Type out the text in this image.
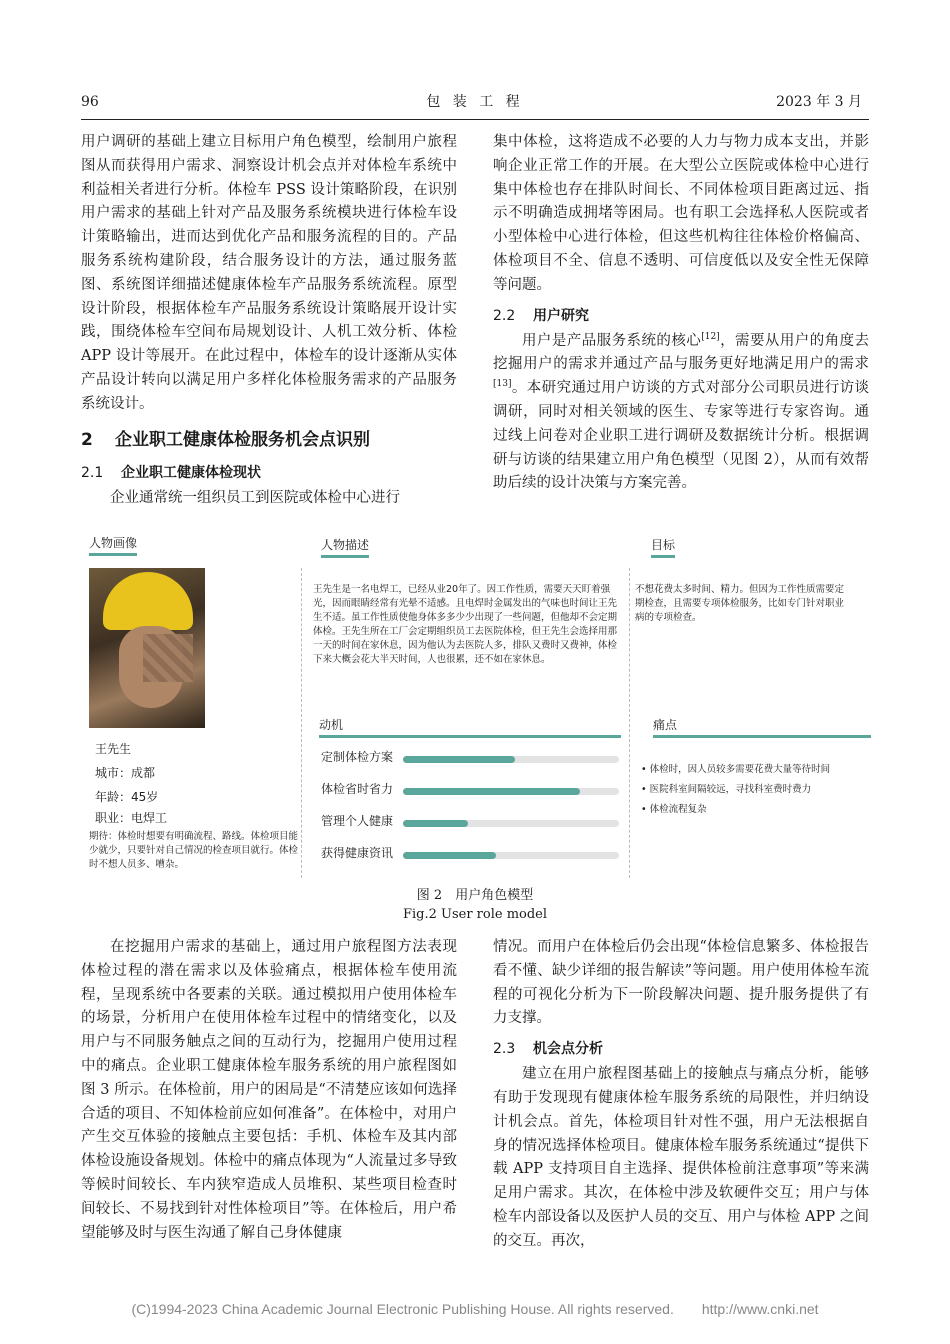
96	包 装 工 程	2023 年 3 月

用户调研的基础上建立目标用户角色模型，绘制用户旅程图从而获得用户需求、洞察设计机会点并对体检车系统中利益相关者进行分析。体检车 PSS 设计策略阶段，在识别用户需求的基础上针对产品及服务系统模块进行体检车设计策略输出，进而达到优化产品和服务流程的目的。产品服务系统构建阶段，结合服务设计的方法，通过服务蓝图、系统图详细描述健康体检车产品服务系统流程。原型设计阶段，根据体检车产品服务系统设计策略展开设计实践，围绕体检车空间布局规划设计、人机工效分析、体检 APP 设计等展开。在此过程中，体检车的设计逐渐从实体产品设计转向以满足用户多样化体检服务需求的产品服务系统设计。

2 企业职工健康体检服务机会点识别
2.1 企业职工健康体检现状

企业通常统一组织员工到医院或体检中心进行

集中体检，这将造成不必要的人力与物力成本支出，并影响企业正常工作的开展。在大型公立医院或体检中心进行集中体检也存在排队时间长、不同体检项目距离过远、指示不明确造成拥堵等困局。也有职工会选择私人医院或者小型体检中心进行体检，但这些机构往往体检价格偏高、体检项目不全、信息不透明、可信度低以及安全性无保障等问题。

2.2 用户研究

用户是产品服务系统的核心[12]，需要从用户的角度去挖掘用户的需求并通过产品与服务更好地满足用户的需求[13]。本研究通过用户访谈的方式对部分公司职员进行访谈调研，同时对相关领域的医生、专家等进行专家咨询。通过线上问卷对企业职工进行调研及数据统计分析。根据调研与访谈的结果建立用户角色模型（见图 2），从而有效帮助后续的设计决策与方案完善。

人物画像	人物描述	目标
王先生
城市：成都
年龄：45岁
职业：电焊工
期待：体检时想要有明确流程、路线。体检项目能少就少，只要针对自己情况的检查项目就行。体检时不想人员多、嘈杂。
王先生是一名电焊工，已经从业20年了。因工作性质，需要天天盯着强光，因而眼睛经常有光晕不适感。且电焊时金属发出的气味也时间让王先生不适。虽工作性质使他身体多多少少出现了一些问题，但他却不会定期体检。王先生所在工厂会定期组织员工去医院体检，但王先生会选择用那一天的时间在家休息，因为他认为去医院人多，排队又费时又费神，体检下来大概会花大半天时间，人也很累，还不如在家休息。
不想花费太多时间、精力。但因为工作性质需要定期检查，且需要专项体检服务，比如专门针对职业病的专项检查。
动机	痛点
定制体检方案
体检省时省力
管理个人健康
获得健康资讯
• 体检时，因人员较多需要花费大量等待时间
• 医院科室间隔较远，寻找科室费时费力
• 体检流程复杂
图 2　用户角色模型
Fig.2 User role model

在挖掘用户需求的基础上，通过用户旅程图方法表现体检过程的潜在需求以及体验痛点，根据体检车使用流程，呈现系统中各要素的关联。通过模拟用户使用体检车的场景，分析用户在使用体检车过程中的情绪变化，以及用户与不同服务触点之间的互动行为，挖掘用户使用过程中的痛点。企业职工健康体检车服务系统的用户旅程图如图 3 所示。在体检前，用户的困局是“不清楚应该如何选择合适的项目、不知体检前应如何准备”。在体检中，对用户产生交互体验的接触点主要包括：手机、体检车及其内部体检设施设备规划。体检中的痛点体现为“人流量过多导致等候时间较长、车内狭窄造成人员堆积、某些项目检查时间较长、不易找到针对性体检项目”等。在体检后，用户希望能够及时与医生沟通了解自己身体健康

情况。而用户在体检后仍会出现“体检信息繁多、体检报告看不懂、缺少详细的报告解读”等问题。用户使用体检车流程的可视化分析为下一阶段解决问题、提升服务提供了有力支撑。

2.3 机会点分析

建立在用户旅程图基础上的接触点与痛点分析，能够有助于发现现有健康体检车服务系统的局限性，并归纳设计机会点。首先，体检项目针对性不强，用户无法根据自身的情况选择体检项目。健康体检车服务系统通过“提供下载 APP 支持项目自主选择、提供体检前注意事项”等来满足用户需求。其次，在体检中涉及软硬件交互；用户与体检车内部设备以及医护人员的交互、用户与体检 APP 之间的交互。再次，

(C)1994-2023 China Academic Journal Electronic Publishing House. All rights reserved.　　http://www.cnki.net
